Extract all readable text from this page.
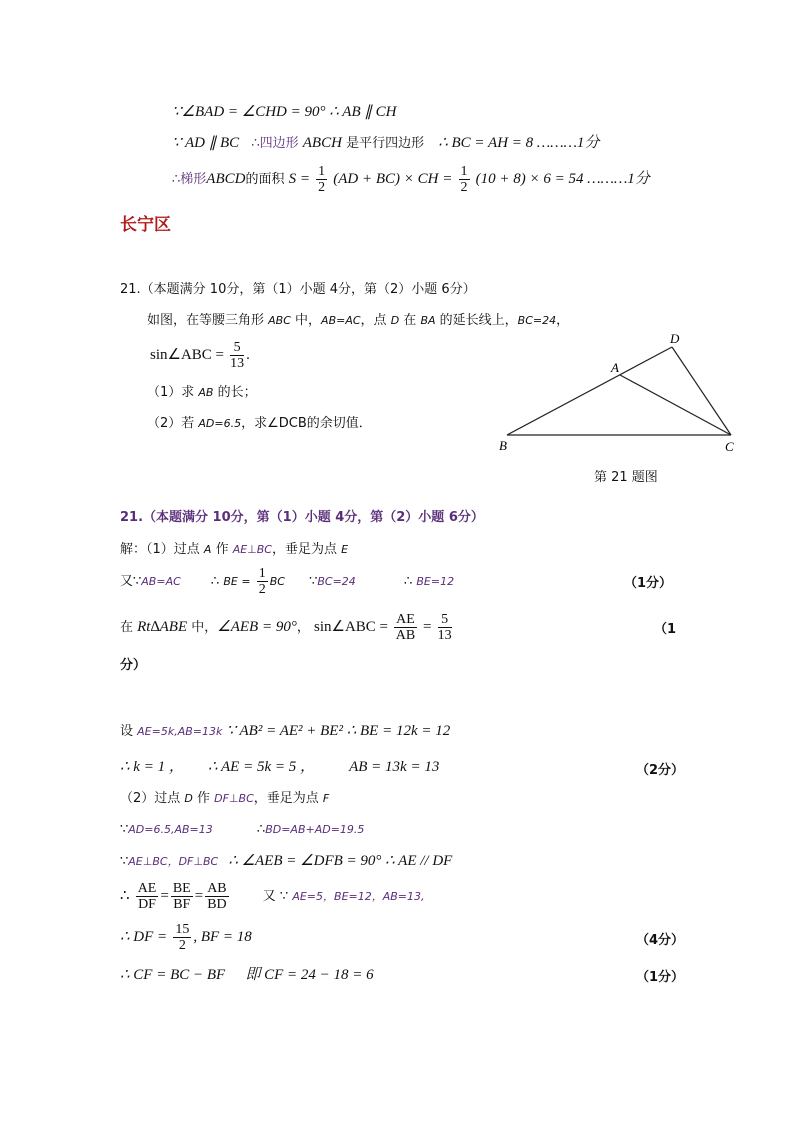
∵∠BAD = ∠CHD = 90° ∴ AB ∥ CH
∵ AD ∥ BC ∴四边形 ABCH 是平行四边形 ∴ BC = AH = 8 ………1分
∴梯形ABCD的面积 $S = \frac{1}{2} (AD + BC)$ × CH = $\frac{1}{2} (10 + 8) \times 6 = 54$ ………1分
长宁区
21.（本题满分 10分，第（1）小题 4分，第（2）小题 6分）
如图，在等腰三角形 ABC 中，AB=AC，点 D 在 BA 的延长线上，BC=24，
sin∠ABC = $\frac{5}{13}$ .
（1）求 AB 的长；
（2）若 AD=6.5，求∠DCB的余切值．
A
B	C
D
第 21 题图
21.（本题满分 10分，第（1）小题 4分，第（2）小题 6分）
解：（1）过点 A 作 AE⊥BC，垂足为点 E
又∵AB=AC ∴ BE = $\frac{1}{2}$ BC ∵BC=24	∴ BE=12	（1分）
在 Rt∆ABE 中，∠AEB = 90°， sin∠ABC = $\frac{AE}{AB} = \frac{5}{13}$	（1
分）
设 AE=5k,AB=13k ∵ AB² = AE² + BE² ∴ BE = 12k = 12
∴ k = 1 ， ∴ AE = 5k = 5 ， AB = 13k = 13	（2分）
（2）过点 D 作 DF⊥BC，垂足为点 F
∵AD=6.5,AB=13	∴BD=AB+AD=19.5
∵AE⊥BC，DF⊥BC ∴ ∠AEB = ∠DFB = 90° ∴ AE // DF
∴ $\frac{AE}{DF} = \frac{BE}{BF} = \frac{AB}{BD}$	又 ∵ AE=5，BE=12，AB=13,
∴ DF = $\frac{15}{2}$ , BF = 18	（4分）
∴ CF = BC − BF 即 CF = 24 − 18 = 6	（1分）
